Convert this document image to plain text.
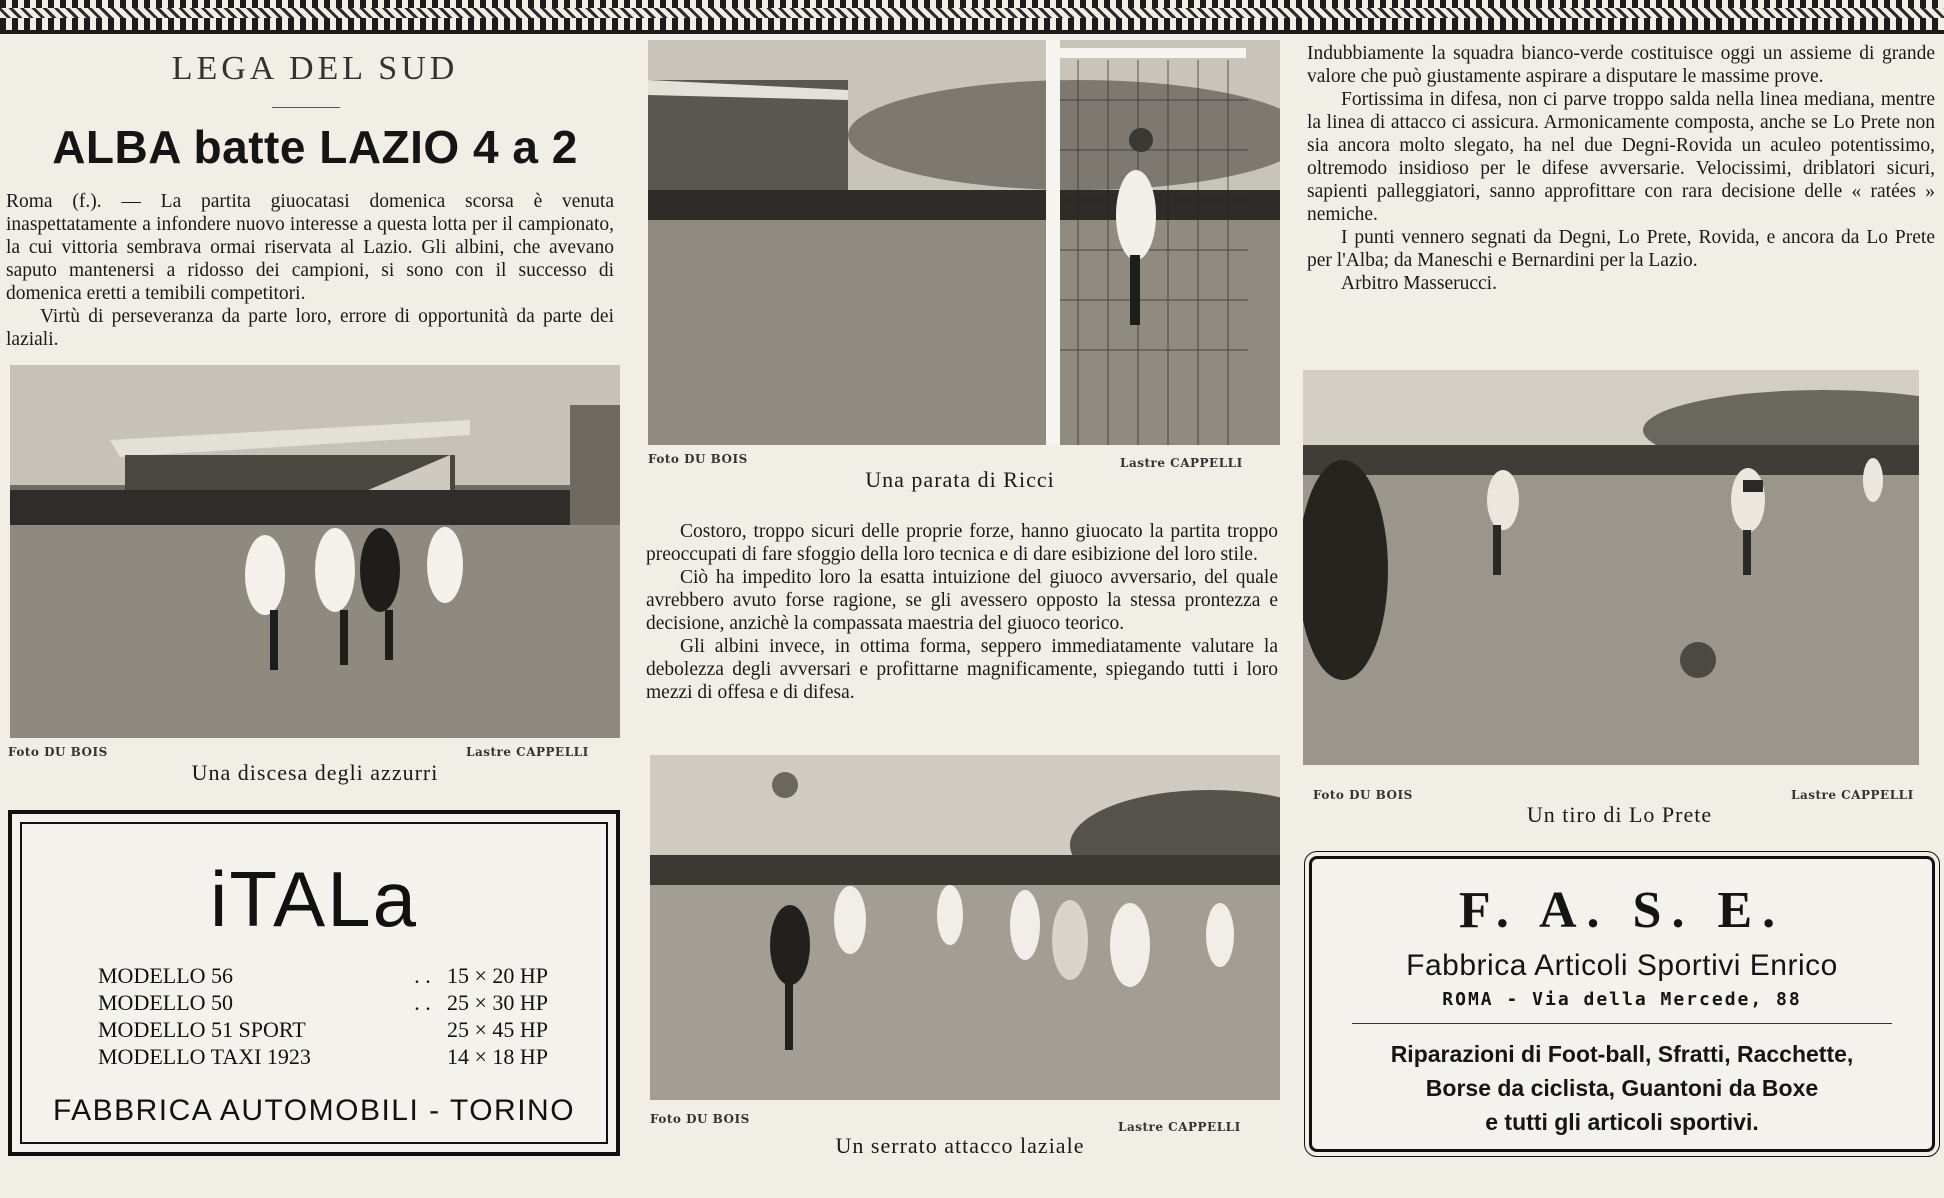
LEGA DEL SUD
ALBA batte LAZIO 4 a 2

Roma (f.). — La partita giuocatasi domenica scorsa è venuta inaspettatamente a infondere nuovo interesse a questa lotta per il campionato, la cui vittoria sembrava ormai riservata al Lazio. Gli albini, che avevano saputo mantenersi a ridosso dei campioni, si sono con il successo di domenica eretti a temibili competitori.

Virtù di perseveranza da parte loro, errore di opportunità da parte dei laziali.

Foto DU BOIS	Lastre CAPPELLI
Una discesa degli azzurri
iTALa
MODELLO 56	. . 15 × 20 HP
MODELLO 50	. . 25 × 30 HP
MODELLO 51 SPORT	25 × 45 HP
MODELLO TAXI 1923	14 × 18 HP
FABBRICA AUTOMOBILI - TORINO
Foto DU BOIS	Lastre CAPPELLI
Una parata di Ricci

Costoro, troppo sicuri delle proprie forze, hanno giuocato la partita troppo preoccupati di fare sfoggio della loro tecnica e di dare esibizione del loro stile.

Ciò ha impedito loro la esatta intuizione del giuoco avversario, del quale avrebbero avuto forse ragione, se gli avessero opposto la stessa prontezza e decisione, anzichè la compassata maestria del giuoco teorico.

Gli albini invece, in ottima forma, seppero immediatamente valutare la debolezza degli avversari e profittarne magnificamente, spiegando tutti i loro mezzi di offesa e di difesa.

Foto DU BOIS
Lastre CAPPELLI
Un serrato attacco laziale

Indubbiamente la squadra bianco-verde costituisce oggi un assieme di grande valore che può giustamente aspirare a disputare le massime prove.

Fortissima in difesa, non ci parve troppo salda nella linea mediana, mentre la linea di attacco ci assicura. Armonicamente composta, anche se Lo Prete non sia ancora molto slegato, ha nel due Degni-Rovida un aculeo potentissimo, oltremodo insidioso per le difese avversarie. Velocissimi, driblatori sicuri, sapienti palleggiatori, sanno approfittare con rara decisione delle « ratées » nemiche.

I punti vennero segnati da Degni, Lo Prete, Rovida, e ancora da Lo Prete per l'Alba; da Maneschi e Bernardini per la Lazio.

Arbitro Masserucci.

Foto DU BOIS	Lastre CAPPELLI
Un tiro di Lo Prete
F. A. S. E.
Fabbrica Articoli Sportivi Enrico
ROMA - Via della Mercede, 88
Riparazioni di Foot-ball, Sfratti, Racchette,
Borse da ciclista, Guantoni da Boxe
e tutti gli articoli sportivi.
